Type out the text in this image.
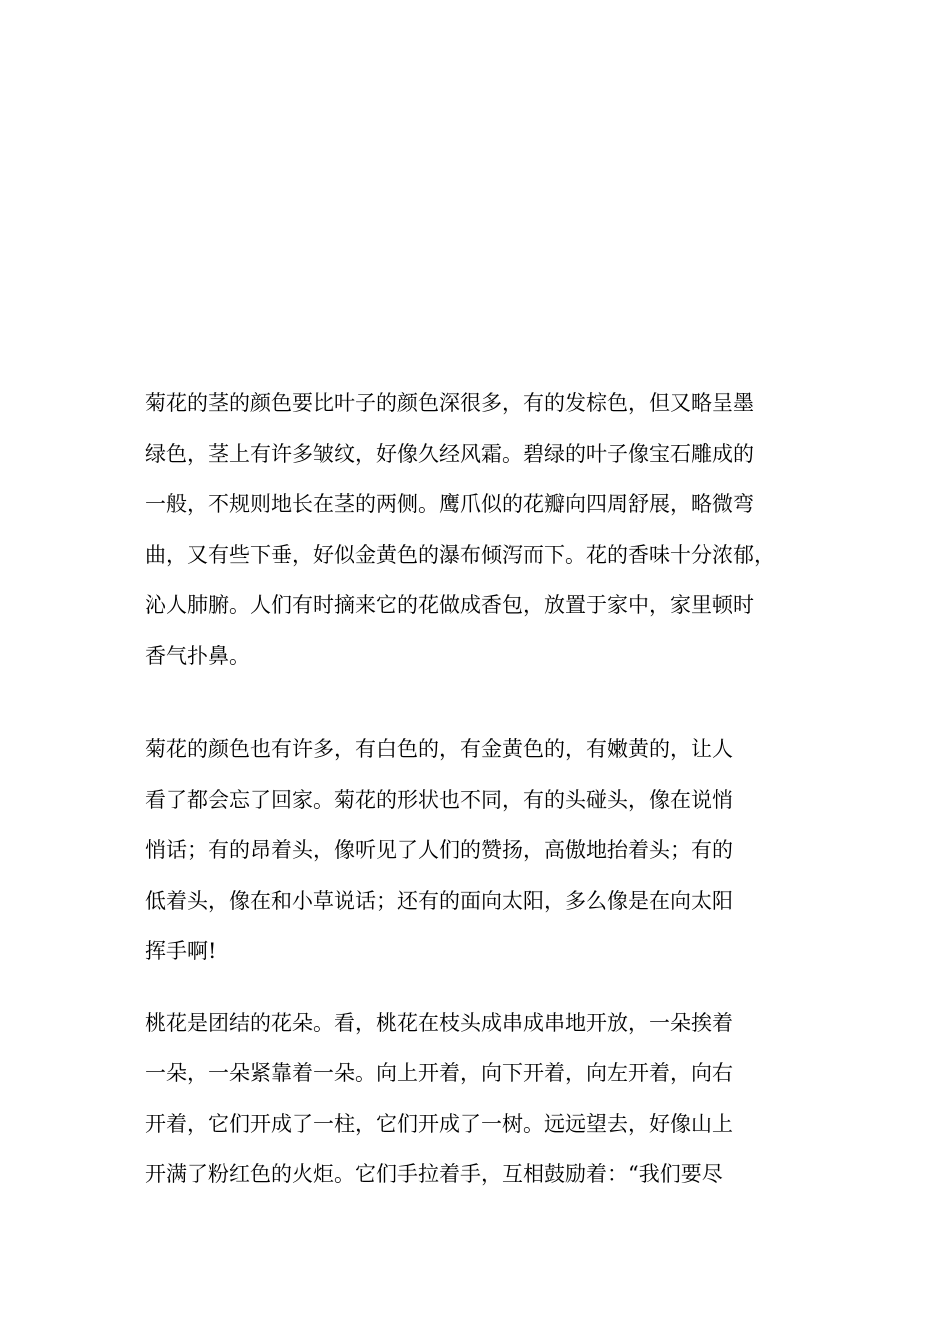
菊花的茎的颜色要比叶子的颜色深很多，有的发棕色，但又略呈墨
绿色，茎上有许多皱纹，好像久经风霜。碧绿的叶子像宝石雕成的
一般，不规则地长在茎的两侧。鹰爪似的花瓣向四周舒展，略微弯
曲，又有些下垂，好似金黄色的瀑布倾泻而下。花的香味十分浓郁，
沁人肺腑。人们有时摘来它的花做成香包，放置于家中，家里顿时
香气扑鼻。

菊花的颜色也有许多，有白色的，有金黄色的，有嫩黄的，让人
看了都会忘了回家。菊花的形状也不同，有的头碰头，像在说悄
悄话；有的昂着头，像听见了人们的赞扬，高傲地抬着头；有的
低着头，像在和小草说话；还有的面向太阳，多么像是在向太阳
挥手啊!

桃花是团结的花朵。看，桃花在枝头成串成串地开放，一朵挨着
一朵，一朵紧靠着一朵。向上开着，向下开着，向左开着，向右
开着，它们开成了一柱，它们开成了一树。远远望去，好像山上
开满了粉红色的火炬。它们手拉着手，互相鼓励着：“我们要尽
